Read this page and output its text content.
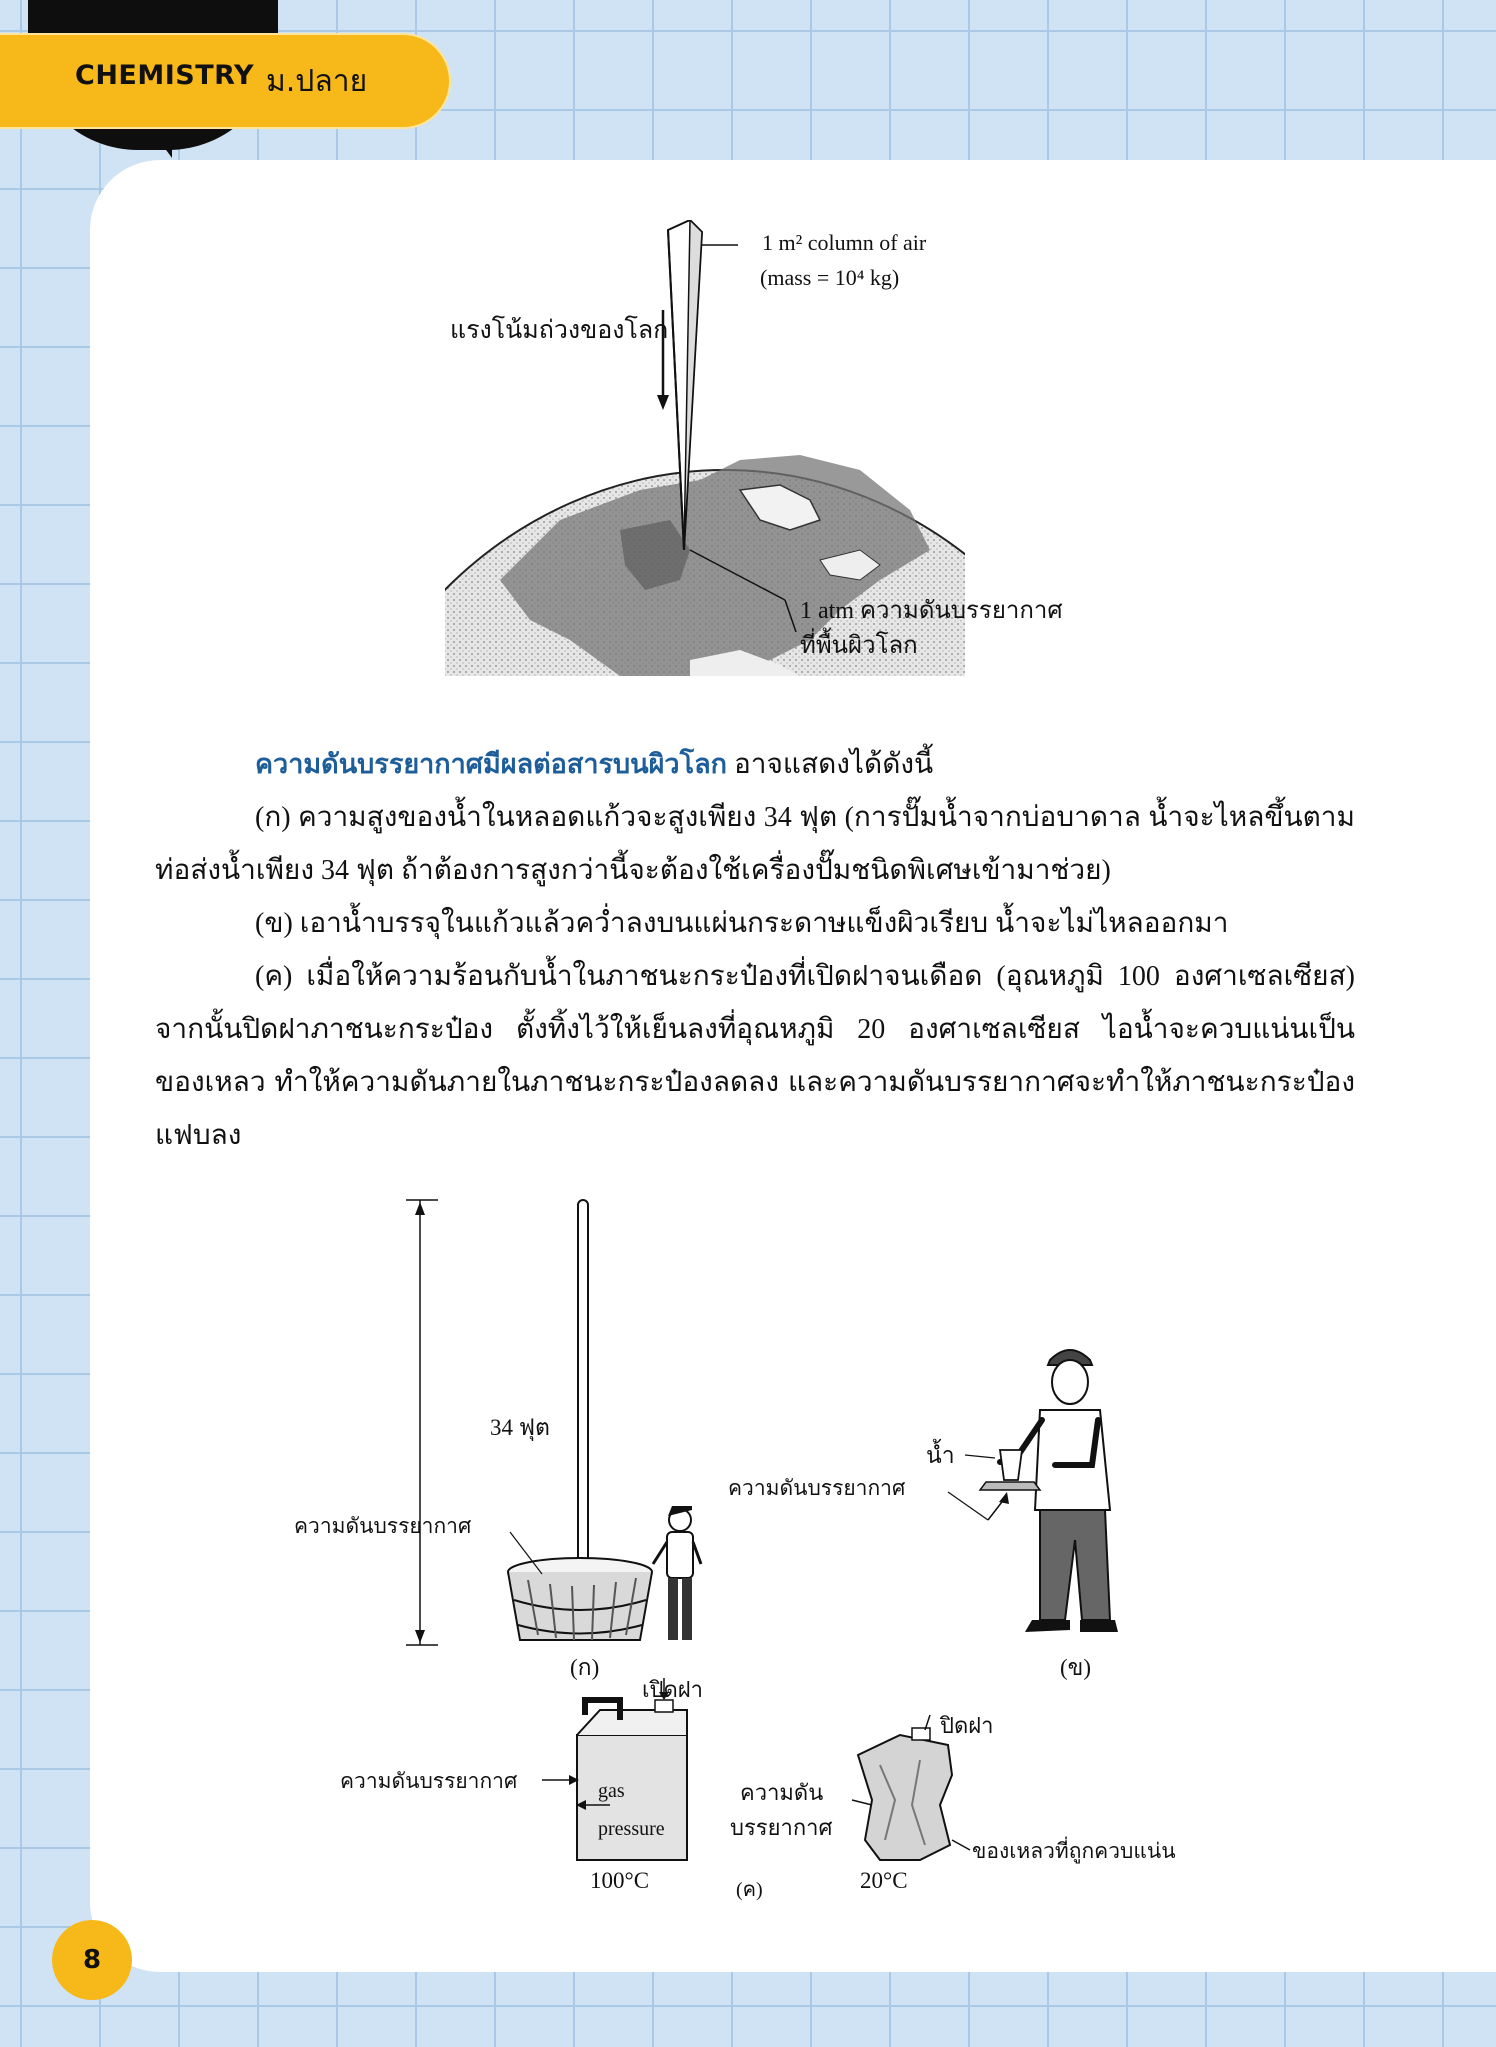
CHEMISTRY ม.ปลาย
1 m² column of air
(mass = 10⁴ kg)
แรงโน้มถ่วงของโลก
1 atm ความดันบรรยากาศ
ที่พื้นผิวโลก

ความดันบรรยากาศมีผลต่อสารบนผิวโลก อาจแสดงได้ดังนี้

(ก) ความสูงของน้ำในหลอดแก้วจะสูงเพียง 34 ฟุต (การปั๊มน้ำจากบ่อบาดาล น้ำจะไหลขึ้นตามท่อส่งน้ำเพียง 34 ฟุต ถ้าต้องการสูงกว่านี้จะต้องใช้เครื่องปั๊มชนิดพิเศษเข้ามาช่วย)

(ข) เอาน้ำบรรจุในแก้วแล้วคว่ำลงบนแผ่นกระดาษแข็งผิวเรียบ น้ำจะไม่ไหลออกมา

(ค) เมื่อให้ความร้อนกับน้ำในภาชนะกระป๋องที่เปิดฝาจนเดือด (อุณหภูมิ 100 องศาเซลเซียส) จากนั้นปิดฝาภาชนะกระป๋อง ตั้งทิ้งไว้ให้เย็นลงที่อุณหภูมิ 20 องศาเซลเซียส ไอน้ำจะควบแน่นเป็นของเหลว ทำให้ความดันภายในภาชนะกระป๋องลดลง และความดันบรรยากาศจะทำให้ภาชนะกระป๋องแฟบลง

34 ฟุต
ความดันบรรยากาศ
(ก)
น้ำ
ความดันบรรยากาศ
(ข)
เปิดฝา
ความดันบรรยากาศ	gas
pressure
100°C	(ค)
ปิดฝา
ความดัน
บรรยากาศ
ของเหลวที่ถูกควบแน่น
20°C
8
